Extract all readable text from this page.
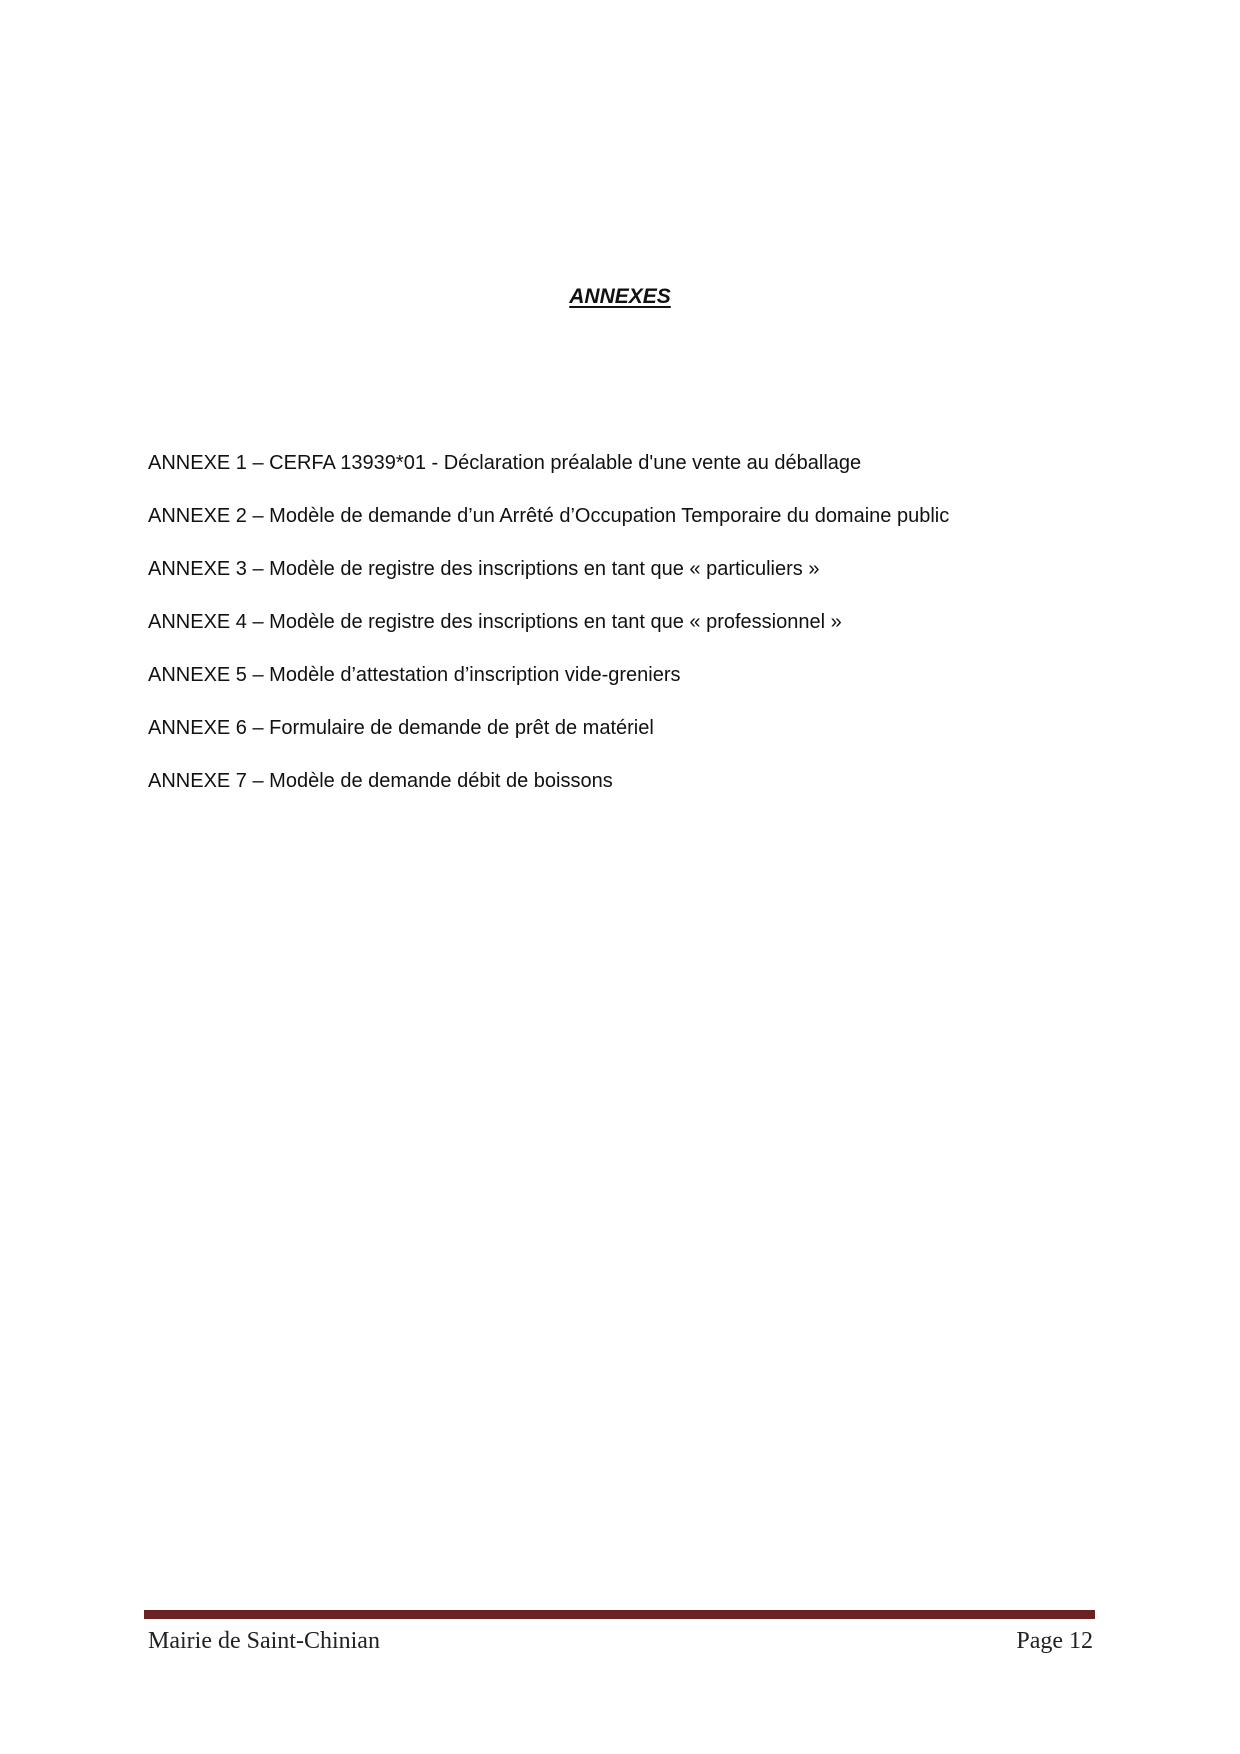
ANNEXES
ANNEXE 1 – CERFA 13939*01 - Déclaration préalable d'une vente au déballage
ANNEXE 2 – Modèle de demande d’un Arrêté d’Occupation Temporaire du domaine public
ANNEXE 3 – Modèle de registre des inscriptions en tant que « particuliers »
ANNEXE 4 – Modèle de registre des inscriptions en tant que « professionnel »
ANNEXE 5 – Modèle d’attestation d’inscription vide-greniers
ANNEXE 6 – Formulaire de demande de prêt de matériel
ANNEXE 7 – Modèle de demande débit de boissons
Mairie de Saint-Chinian	Page 12
